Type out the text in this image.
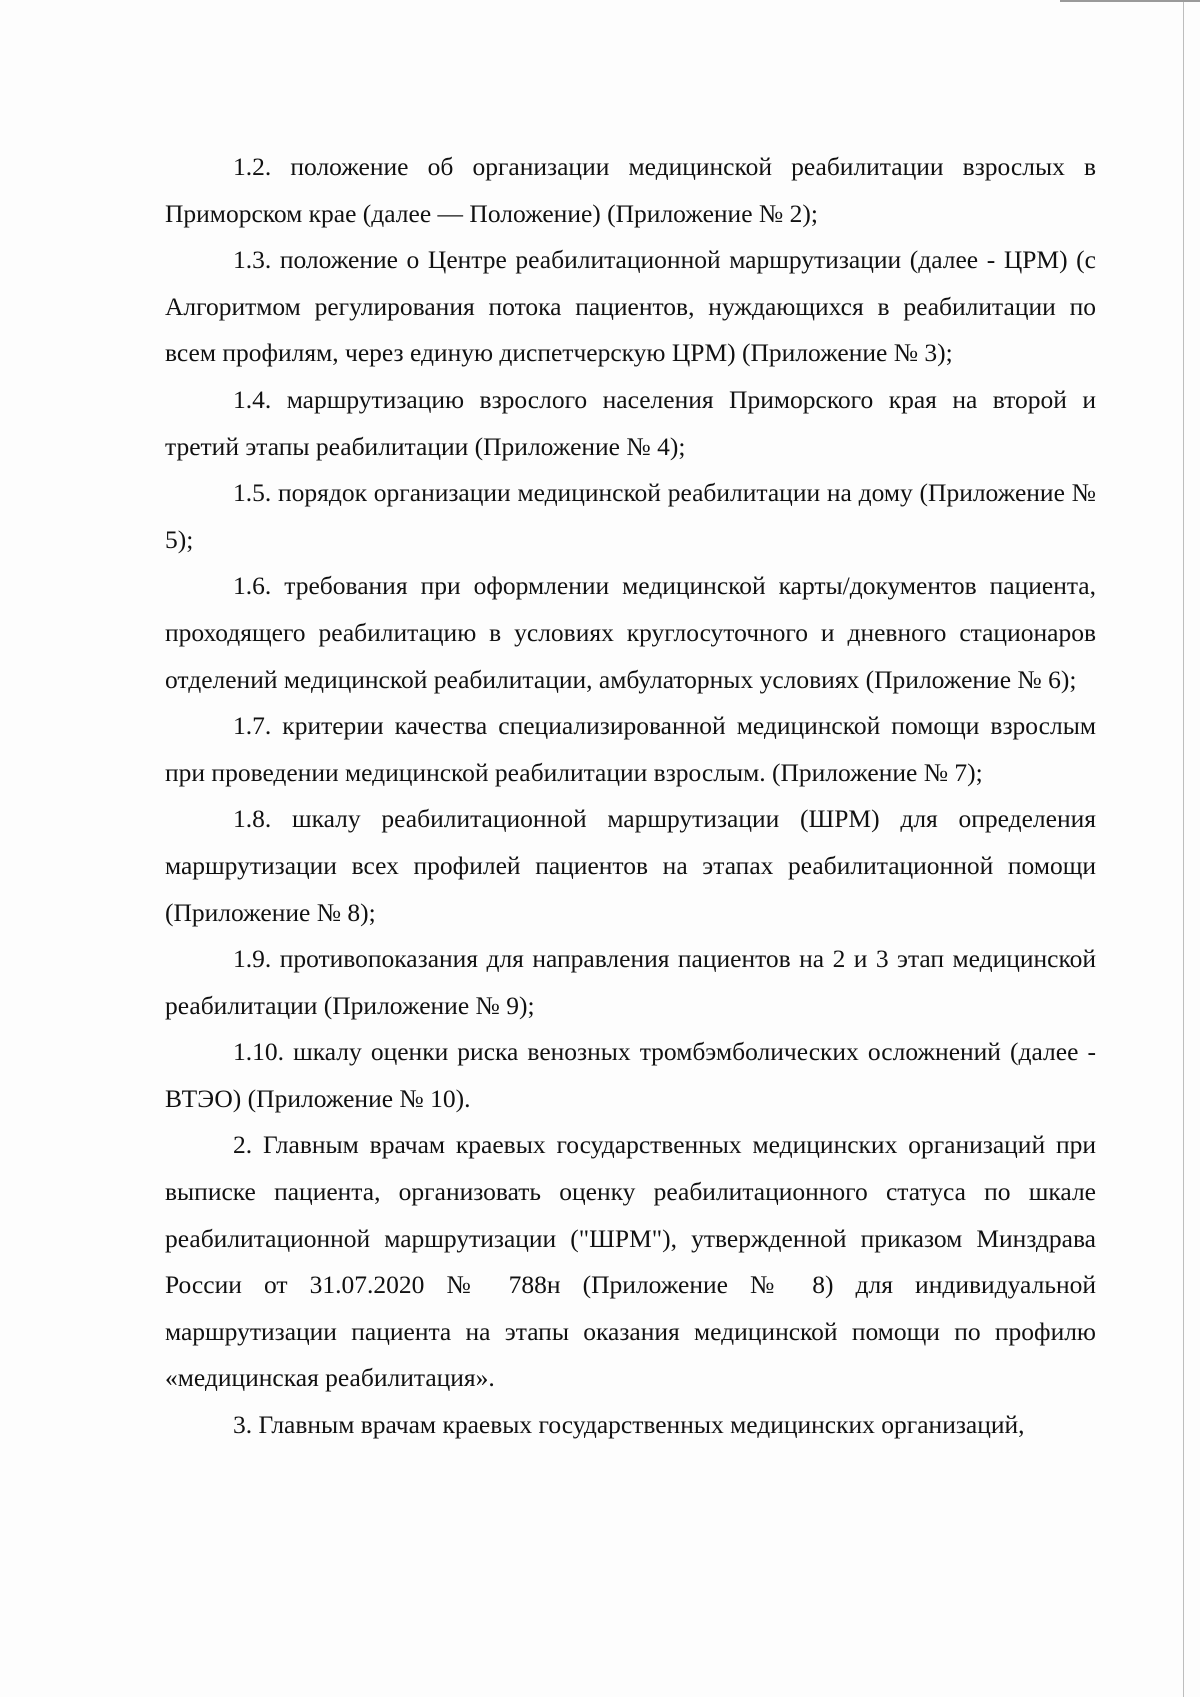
1.2. положение об организации медицинской реабилитации взрослых в Приморском крае (далее — Положение) (Приложение № 2);

1.3. положение о Центре реабилитационной маршрутизации (далее - ЦРМ) (с Алгоритмом регулирования потока пациентов, нуждающихся в реабилитации по всем профилям, через единую диспетчерскую ЦРМ) (Приложение № 3);

1.4. маршрутизацию взрослого населения Приморского края на второй и третий этапы реабилитации (Приложение № 4);

1.5. порядок организации медицинской реабилитации на дому (Приложение № 5);

1.6. требования при оформлении медицинской карты/документов пациента, проходящего реабилитацию в условиях круглосуточного и дневного стационаров отделений медицинской реабилитации, амбулаторных условиях (Приложение № 6);

1.7. критерии качества специализированной медицинской помощи взрослым при проведении медицинской реабилитации взрослым. (Приложение № 7);

1.8. шкалу реабилитационной маршрутизации (ШРМ) для определения маршрутизации всех профилей пациентов на этапах реабилитационной помощи (Приложение № 8);

1.9. противопоказания для направления пациентов на 2 и 3 этап медицинской реабилитации (Приложение № 9);

1.10. шкалу оценки риска венозных тромбэмболических осложнений (далее - ВТЭО) (Приложение № 10).

2. Главным врачам краевых государственных медицинских организаций при выписке пациента, организовать оценку реабилитационного статуса по шкале реабилитационной маршрутизации ("ШРМ"), утвержденной приказом Минздрава России от 31.07.2020 № 788н (Приложение № 8) для индивидуальной маршрутизации пациента на этапы оказания медицинской помощи по профилю «медицинская реабилитация».

3. Главным врачам краевых государственных медицинских организаций,
